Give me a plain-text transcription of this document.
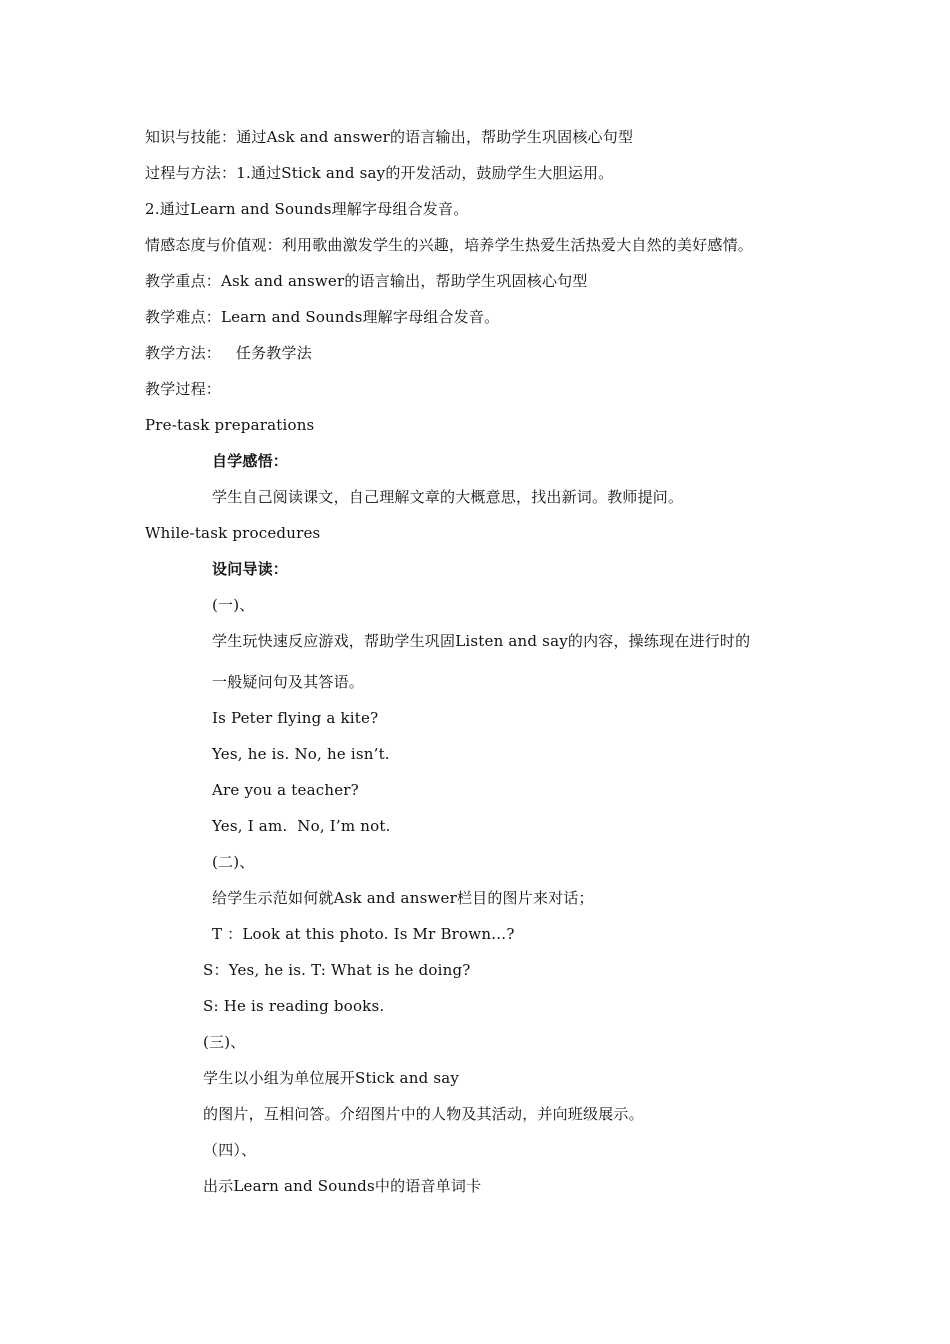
知识与技能：通过Ask and answer的语言输出，帮助学生巩固核心句型
过程与方法：1.通过Stick and say的开发活动，鼓励学生大胆运用。
2.通过Learn and Sounds理解字母组合发音。
情感态度与价值观：利用歌曲激发学生的兴趣，培养学生热爱生活热爱大自然的美好感情。
教学重点：Ask and answer的语言输出，帮助学生巩固核心句型
教学难点：Learn and Sounds理解字母组合发音。
教学方法：   任务教学法
教学过程：
Pre-task preparations
自学感悟：
学生自己阅读课文，自己理解文章的大概意思，找出新词。教师提问。
While-task procedures
设问导读：
(一)、
学生玩快速反应游戏，帮助学生巩固Listen and say的内容，操练现在进行时的
一般疑问句及其答语。
Is Peter flying a kite?
Yes, he is. No, he isn’t.
Are you a teacher?
Yes, I am.  No, I’m not.
(二)、
给学生示范如何就Ask and answer栏目的图片来对话；
T ：Look at this photo. Is Mr Brown…?
S：Yes, he is. T: What is he doing?
S: He is reading books.
(三)、
学生以小组为单位展开Stick and say
的图片，互相问答。介绍图片中的人物及其活动，并向班级展示。
（四）、
出示Learn and Sounds中的语音单词卡
